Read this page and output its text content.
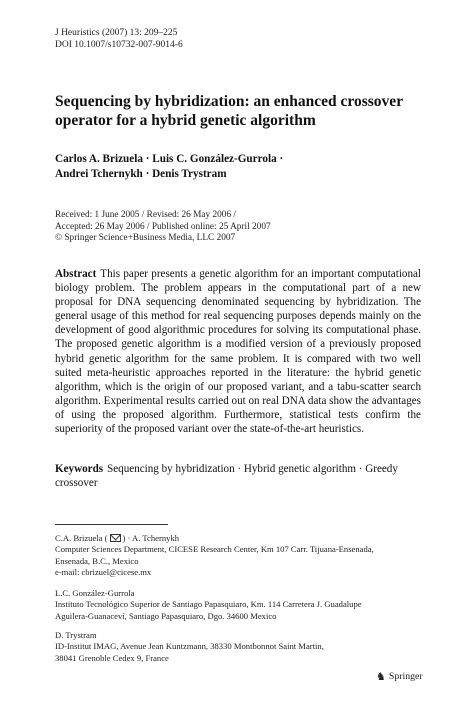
J Heuristics (2007) 13: 209–225
DOI 10.1007/s10732-007-9014-6
Sequencing by hybridization: an enhanced crossover
operator for a hybrid genetic algorithm
Carlos A. Brizuela · Luis C. González-Gurrola ·
Andrei Tchernykh · Denis Trystram
Received: 1 June 2005 / Revised: 26 May 2006 /
Accepted: 26 May 2006 / Published online: 25 April 2007
© Springer Science+Business Media, LLC 2007
Abstract This paper presents a genetic algorithm for an important computational biology problem. The problem appears in the computational part of a new proposal for DNA sequencing denominated sequencing by hybridization. The general usage of this method for real sequencing purposes depends mainly on the development of good algorithmic procedures for solving its computational phase. The proposed genetic algorithm is a modified version of a previously proposed hybrid genetic algorithm for the same problem. It is compared with two well suited meta-heuristic approaches reported in the literature: the hybrid genetic algorithm, which is the origin of our proposed variant, and a tabu-scatter search algorithm. Experimental results carried out on real DNA data show the advantages of using the proposed algorithm. Furthermore, statistical tests confirm the superiority of the proposed variant over the state-of-the-art heuristics.
Keywords Sequencing by hybridization · Hybrid genetic algorithm · Greedy crossover
C.A. Brizuela ( ) · A. Tchernykh
Computer Sciences Department, CICESE Research Center, Km 107 Carr. Tijuana-Ensenada,
Ensenada, B.C., Mexico
e-mail: cbrizuel@cicese.mx
L.C. González-Gurrola
Instituto Tecnológico Superior de Santiago Papasquiaro, Km. 114 Carretera J. Guadalupe
Aguilera-Guanaceví, Santiago Papasquiaro, Dgo. 34600 Mexico
D. Trystram
ID-Institut IMAG, Avenue Jean Kuntzmann, 38330 Montbonnot Saint Martin,
38041 Grenoble Cedex 9, France
♞ Springer
